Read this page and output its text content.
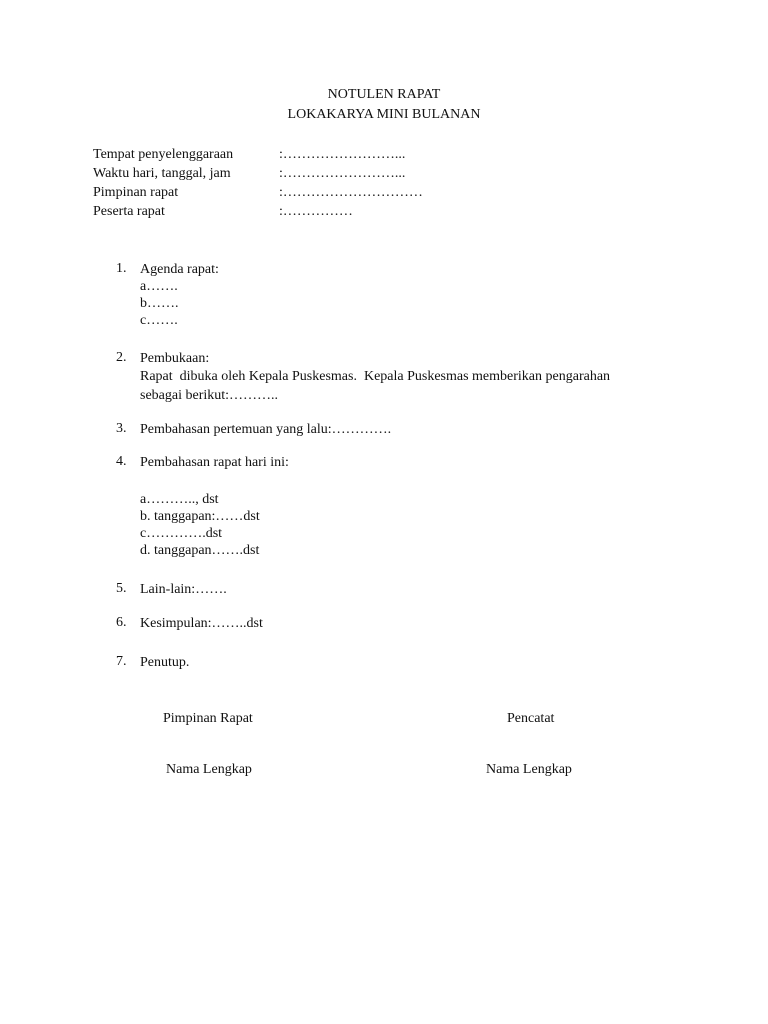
NOTULEN RAPAT
LOKAKARYA MINI BULANAN
Tempat penyelenggaraan	:……………………...
Waktu hari, tanggal, jam	:……………………...
Pimpinan rapat	:…………………………
Peserta rapat	:……………
1. Agenda rapat:
a…….
b…….
c…….
2. Pembukaan:
Rapat  dibuka oleh Kepala Puskesmas.  Kepala Puskesmas memberikan pengarahan
sebagai berikut:………..
3. Pembahasan pertemuan yang lalu:………….
4. Pembahasan rapat hari ini:
a……….., dst
b. tanggapan:……dst
c………….dst
d. tanggapan…….dst
5. Lain-lain:…….
6. Kesimpulan:……..dst
7. Penutup.
Pimpinan Rapat	Pencatat
Nama Lengkap	Nama Lengkap
